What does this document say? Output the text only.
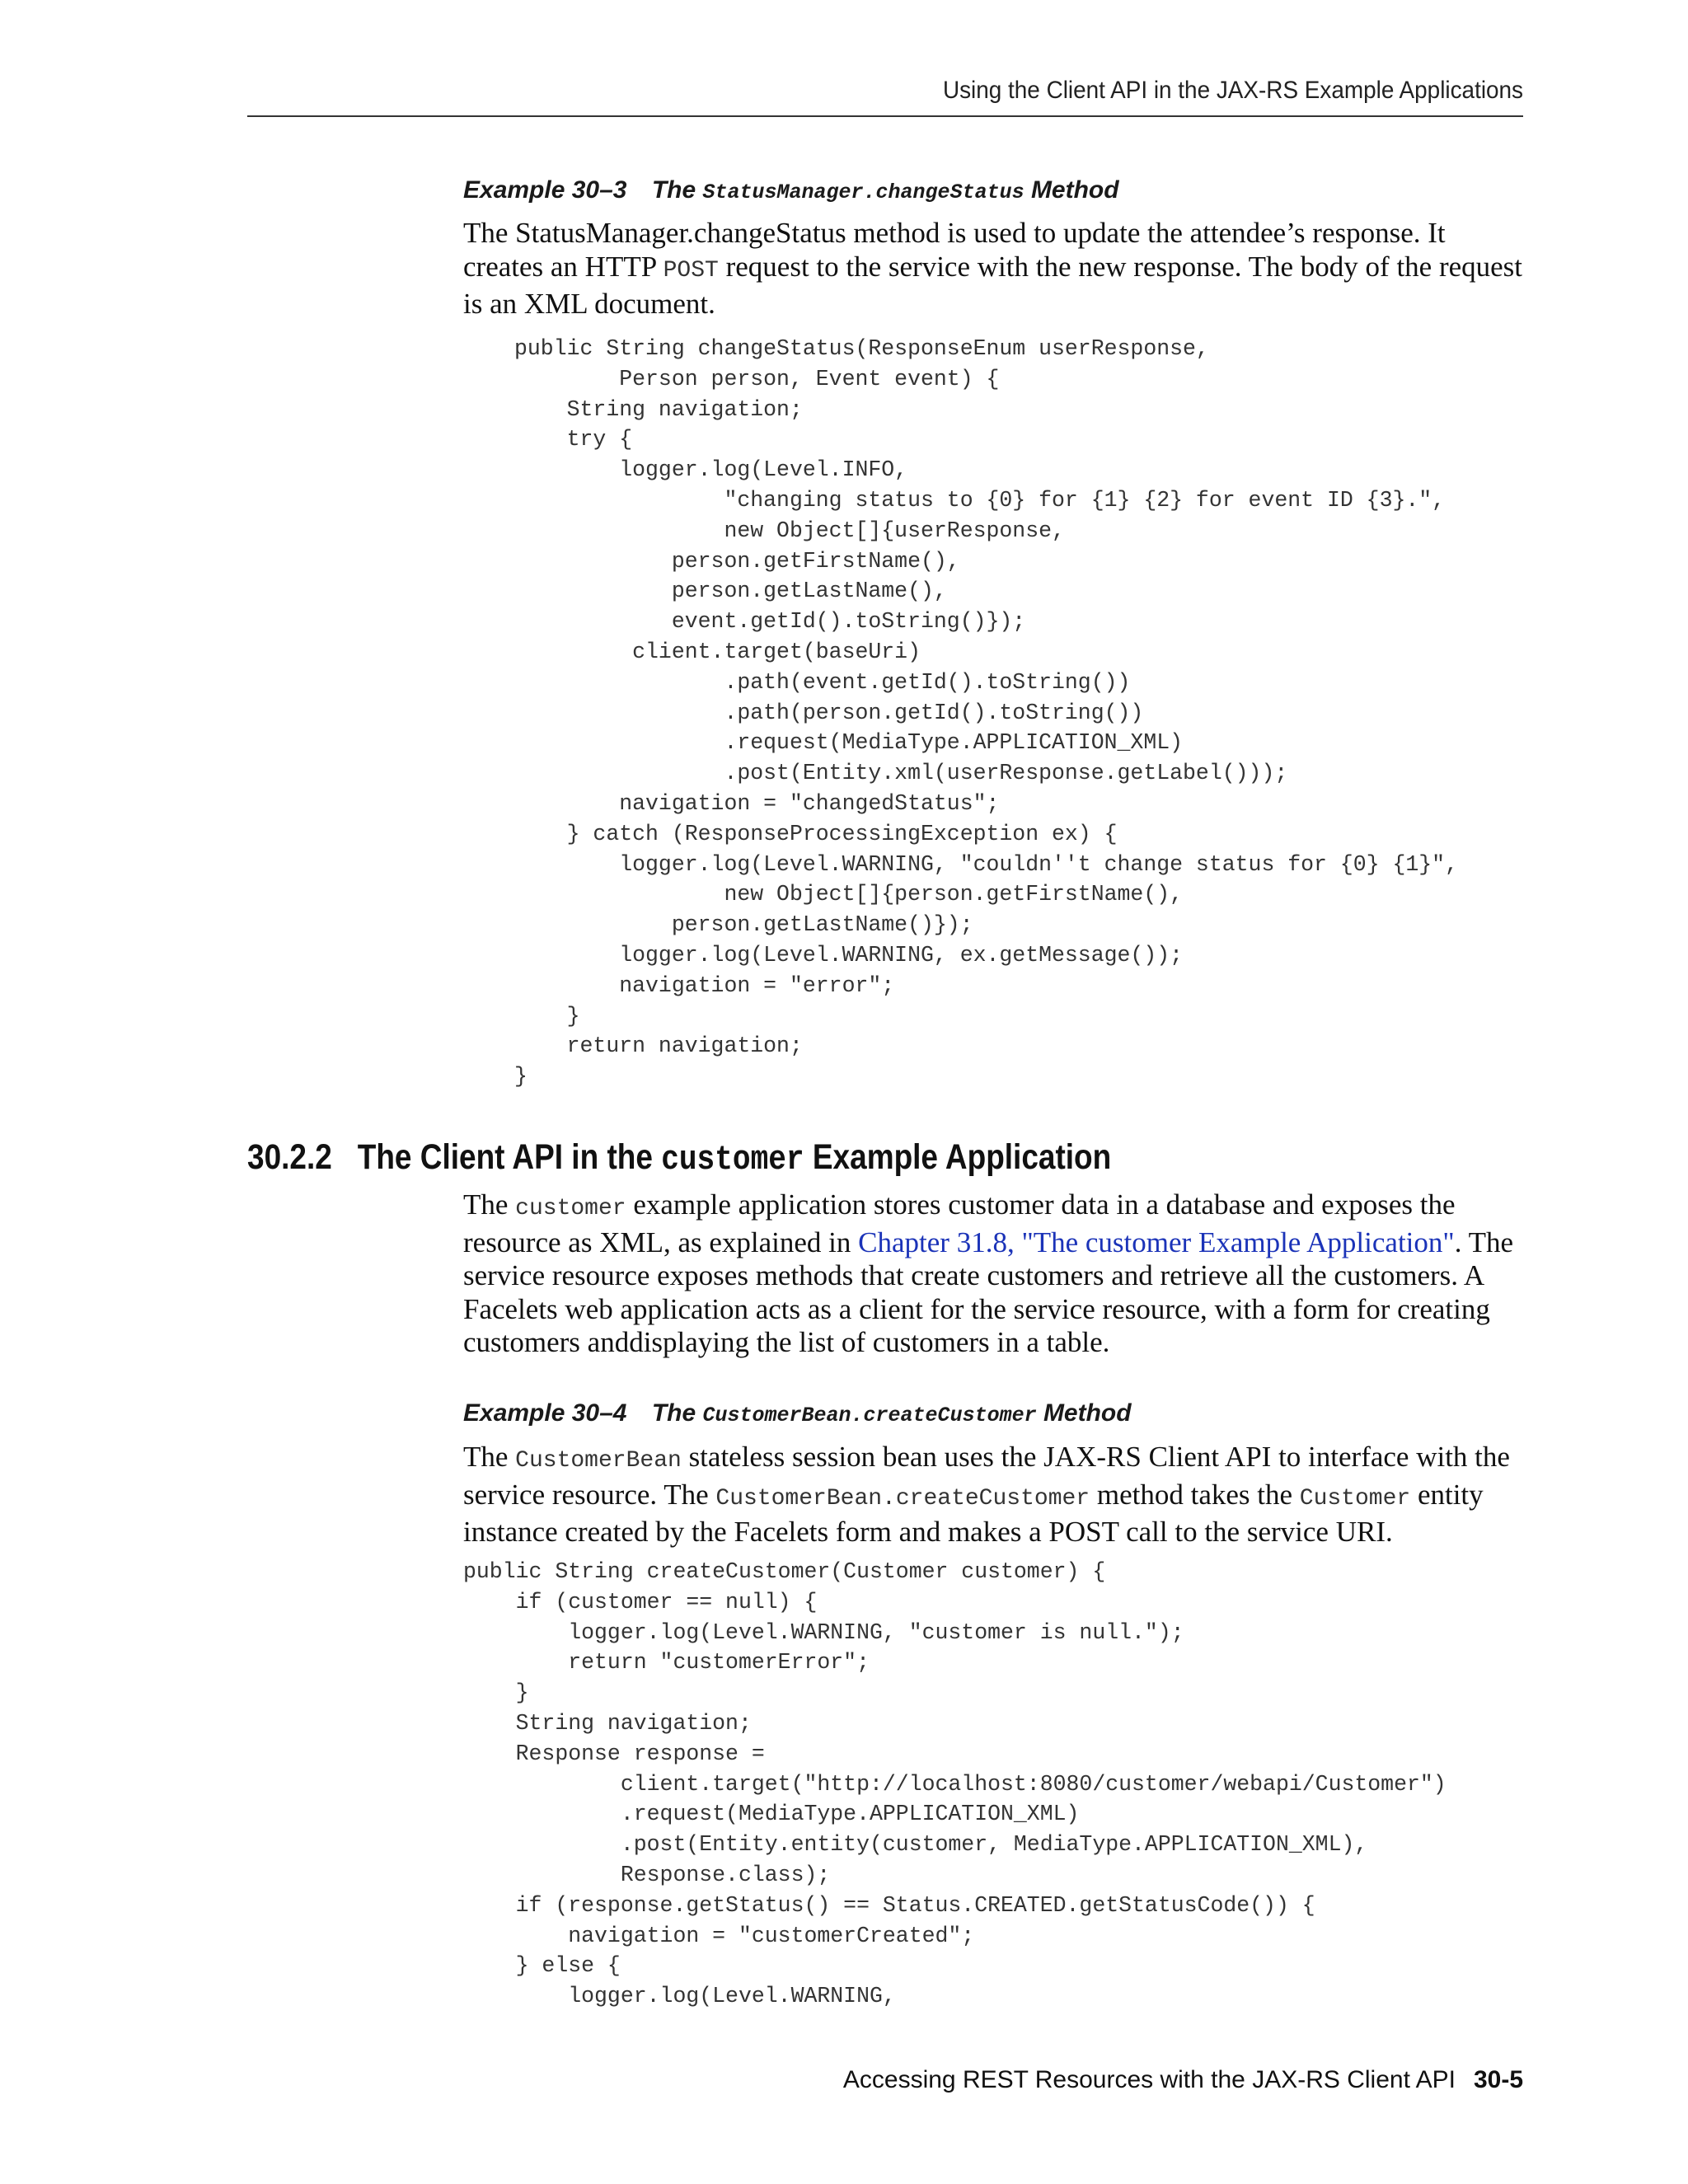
Using the Client API in the JAX-RS Example Applications
Example 30–3 The StatusManager.changeStatus Method

The StatusManager.changeStatus method is used to update the attendee’s response. It creates an HTTP POST request to the service with the new response. The body of the request is an XML document.

public String changeStatus(ResponseEnum userResponse,
Person person, Event event) {
String navigation;
try {
logger.log(Level.INFO,
"changing status to {0} for {1} {2} for event ID {3}.",
new Object[]{userResponse,
person.getFirstName(),
person.getLastName(),
event.getId().toString()});
client.target(baseUri)
.path(event.getId().toString())
.path(person.getId().toString())
.request(MediaType.APPLICATION_XML)
.post(Entity.xml(userResponse.getLabel()));
navigation = "changedStatus";
} catch (ResponseProcessingException ex) {
logger.log(Level.WARNING, "couldn''t change status for {0} {1}",
new Object[]{person.getFirstName(),
person.getLastName()});
logger.log(Level.WARNING, ex.getMessage());
navigation = "error";
}
return navigation;
}
30.2.2 The Client API in the customer Example Application

The customer example application stores customer data in a database and exposes the resource as XML, as explained in Chapter 31.8, "The customer Example Application". The service resource exposes methods that create customers and retrieve all the customers. A Facelets web application acts as a client for the service resource, with a form for creating customers anddisplaying the list of customers in a table.

Example 30–4 The CustomerBean.createCustomer Method

The CustomerBean stateless session bean uses the JAX-RS Client API to interface with the service resource. The CustomerBean.createCustomer method takes the Customer entity instance created by the Facelets form and makes a POST call to the service URI.

public String createCustomer(Customer customer) {
if (customer == null) {
logger.log(Level.WARNING, "customer is null.");
return "customerError";
}
String navigation;
Response response =
client.target("http://localhost:8080/customer/webapi/Customer")
.request(MediaType.APPLICATION_XML)
.post(Entity.entity(customer, MediaType.APPLICATION_XML),
Response.class);
if (response.getStatus() == Status.CREATED.getStatusCode()) {
navigation = "customerCreated";
} else {
logger.log(Level.WARNING,
Accessing REST Resources with the JAX-RS Client API 30-5
